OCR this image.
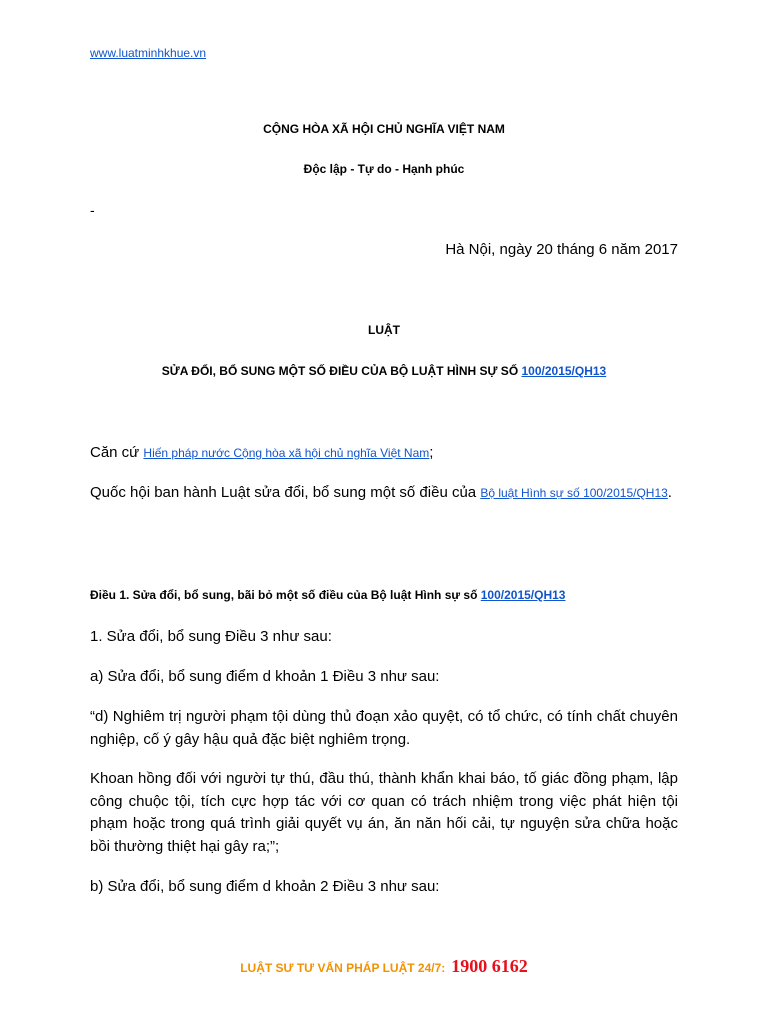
www.luatminhkhue.vn
CỘNG HÒA XÃ HỘI CHỦ NGHĨA VIỆT NAM
Độc lập - Tự do - Hạnh phúc
-
Hà Nội, ngày 20 tháng 6 năm 2017
LUẬT
SỬA ĐỔI, BỔ SUNG MỘT SỐ ĐIỀU CỦA BỘ LUẬT HÌNH SỰ SỐ 100/2015/QH13
Căn cứ Hiến pháp nước Cộng hòa xã hội chủ nghĩa Việt Nam;
Quốc hội ban hành Luật sửa đổi, bổ sung một số điều của Bộ luật Hình sự số 100/2015/QH13.
Điều 1. Sửa đổi, bổ sung, bãi bỏ một số điều của Bộ luật Hình sự số 100/2015/QH13
1. Sửa đổi, bổ sung Điều 3 như sau:
a) Sửa đổi, bổ sung điểm d khoản 1 Điều 3 như sau:
“d) Nghiêm trị người phạm tội dùng thủ đoạn xảo quyệt, có tổ chức, có tính chất chuyên nghiệp, cố ý gây hậu quả đặc biệt nghiêm trọng.
Khoan hồng đối với người tự thú, đầu thú, thành khẩn khai báo, tố giác đồng phạm, lập công chuộc tội, tích cực hợp tác với cơ quan có trách nhiệm trong việc phát hiện tội phạm hoặc trong quá trình giải quyết vụ án, ăn năn hối cải, tự nguyện sửa chữa hoặc bồi thường thiệt hại gây ra;”;
b) Sửa đổi, bổ sung điểm d khoản 2 Điều 3 như sau:
LUẬT SƯ TƯ VẤN PHÁP LUẬT 24/7: 1900 6162
